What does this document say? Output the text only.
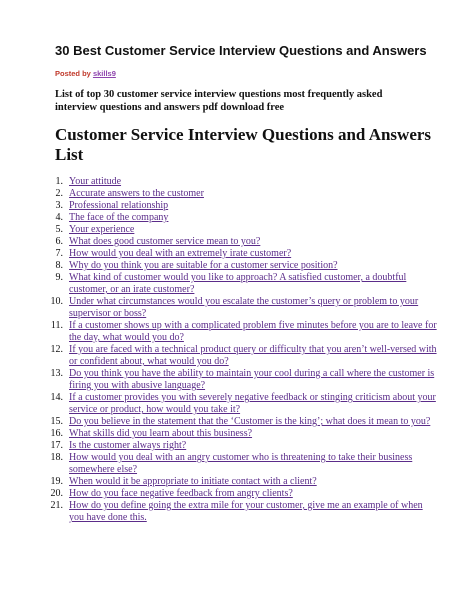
30 Best Customer Service Interview Questions and Answers
Posted by skills9
List of top 30 customer service interview questions most frequently asked interview questions and answers pdf download free
Customer Service Interview Questions and Answers List
1. Your attitude
2. Accurate answers to the customer
3. Professional relationship
4. The face of the company
5. Your experience
6. What does good customer service mean to you?
7. How would you deal with an extremely irate customer?
8. Why do you think you are suitable for a customer service position?
9. What kind of customer would you like to approach? A satisfied customer, a doubtful customer, or an irate customer?
10. Under what circumstances would you escalate the customer’s query or problem to your supervisor or boss?
11. If a customer shows up with a complicated problem five minutes before you are to leave for the day, what would you do?
12. If you are faced with a technical product query or difficulty that you aren’t well-versed with or confident about, what would you do?
13. Do you think you have the ability to maintain your cool during a call where the customer is firing you with abusive language?
14. If a customer provides you with severely negative feedback or stinging criticism about your service or product, how would you take it?
15. Do you believe in the statement that the ‘Customer is the king’; what does it mean to you?
16. What skills did you learn about this business?
17. Is the customer always right?
18. How would you deal with an angry customer who is threatening to take their business somewhere else?
19. When would it be appropriate to initiate contact with a client?
20. How do you face negative feedback from angry clients?
21. How do you define going the extra mile for your customer, give me an example of when you have done this.
